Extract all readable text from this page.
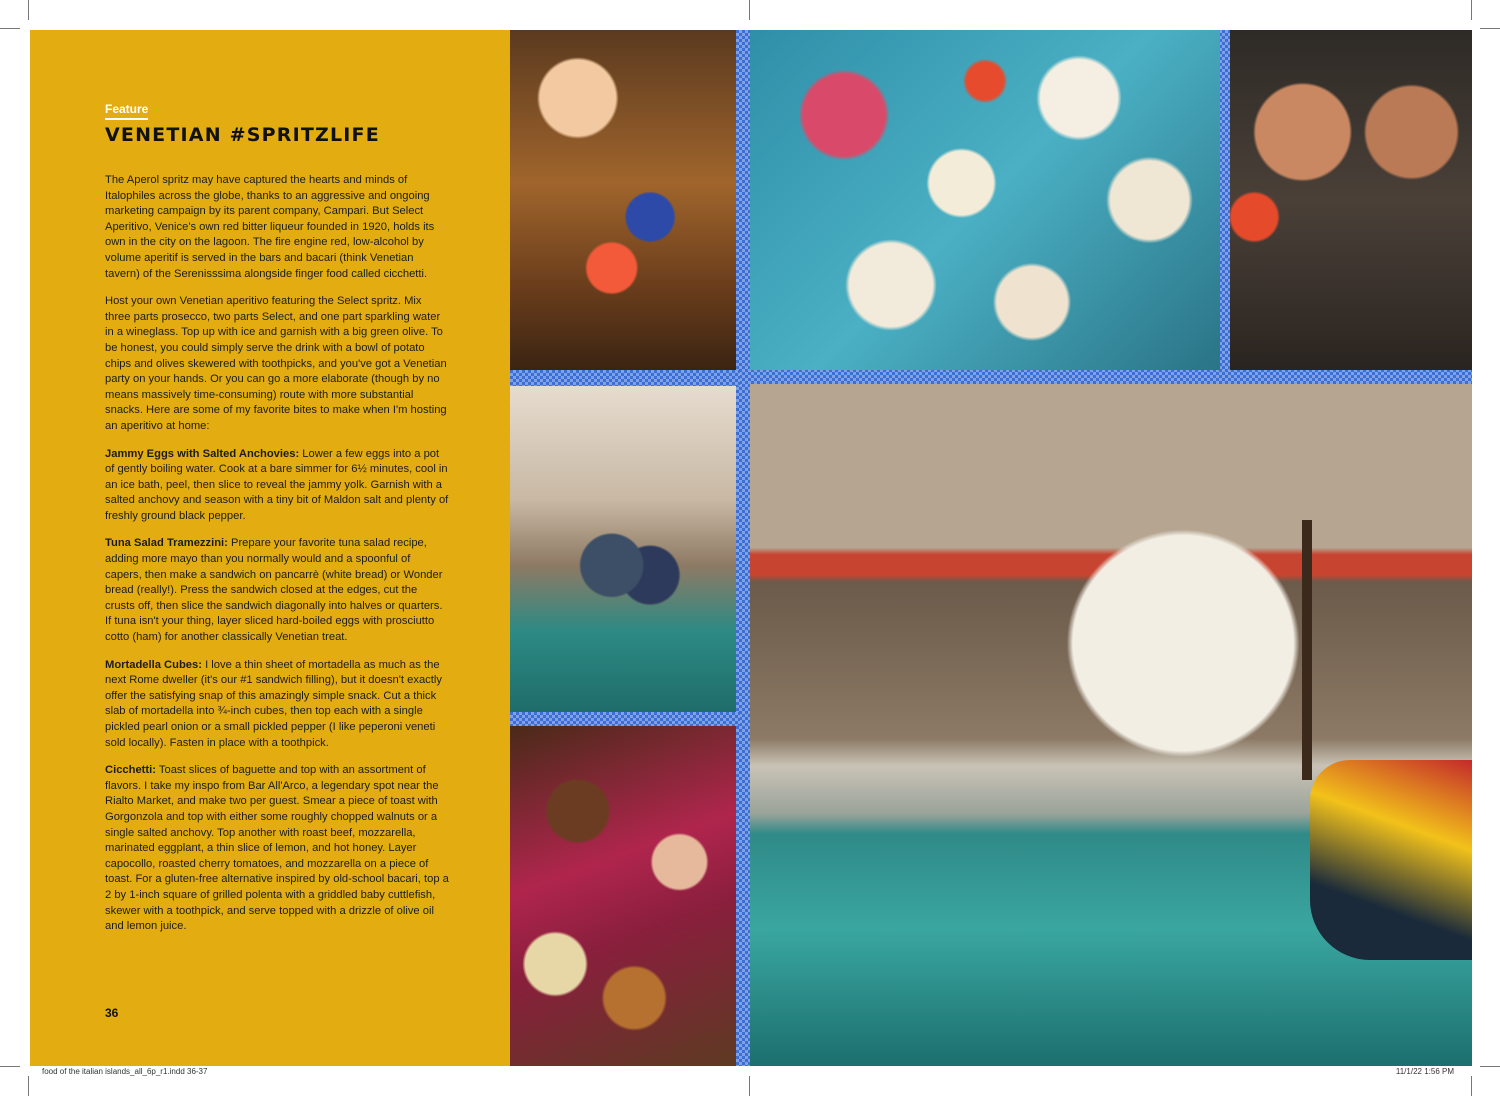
Feature
VENETIAN #SPRITZLIFE

The Aperol spritz may have captured the hearts and minds of Italophiles across the globe, thanks to an aggressive and ongoing marketing campaign by its parent company, Campari. But Select Aperitivo, Venice's own red bitter liqueur founded in 1920, holds its own in the city on the lagoon. The fire engine red, low-alcohol by volume aperitif is served in the bars and bacari (think Venetian tavern) of the Serenisssima alongside finger food called cicchetti.

Host your own Venetian aperitivo featuring the Select spritz. Mix three parts prosecco, two parts Select, and one part sparkling water in a wineglass. Top up with ice and garnish with a big green olive. To be honest, you could simply serve the drink with a bowl of potato chips and olives skewered with toothpicks, and you've got a Venetian party on your hands. Or you can go a more elaborate (though by no means massively time-consuming) route with more substantial snacks. Here are some of my favorite bites to make when I'm hosting an aperitivo at home:

Jammy Eggs with Salted Anchovies: Lower a few eggs into a pot of gently boiling water. Cook at a bare simmer for 6½ minutes, cool in an ice bath, peel, then slice to reveal the jammy yolk. Garnish with a salted anchovy and season with a tiny bit of Maldon salt and plenty of freshly ground black pepper.

Tuna Salad Tramezzini: Prepare your favorite tuna salad recipe, adding more mayo than you normally would and a spoonful of capers, then make a sandwich on pancarrè (white bread) or Wonder bread (really!). Press the sandwich closed at the edges, cut the crusts off, then slice the sandwich diagonally into halves or quarters. If tuna isn't your thing, layer sliced hard-boiled eggs with prosciutto cotto (ham) for another classically Venetian treat.

Mortadella Cubes: I love a thin sheet of mortadella as much as the next Rome dweller (it's our #1 sandwich filling), but it doesn't exactly offer the satisfying snap of this amazingly simple snack. Cut a thick slab of mortadella into ¾-inch cubes, then top each with a single pickled pearl onion or a small pickled pepper (I like peperoni veneti sold locally). Fasten in place with a toothpick.

Cicchetti: Toast slices of baguette and top with an assortment of flavors. I take my inspo from Bar All'Arco, a legendary spot near the Rialto Market, and make two per guest. Smear a piece of toast with Gorgonzola and top with either some roughly chopped walnuts or a single salted anchovy. Top another with roast beef, mozzarella, marinated eggplant, a thin slice of lemon, and hot honey. Layer capocollo, roasted cherry tomatoes, and mozzarella on a piece of toast. For a gluten-free alternative inspired by old-school bacari, top a 2 by 1-inch square of grilled polenta with a griddled baby cuttlefish, skewer with a toothpick, and serve topped with a drizzle of olive oil and lemon juice.

36
food of the italian islands_all_6p_r1.indd 36-37	11/1/22 1:56 PM
